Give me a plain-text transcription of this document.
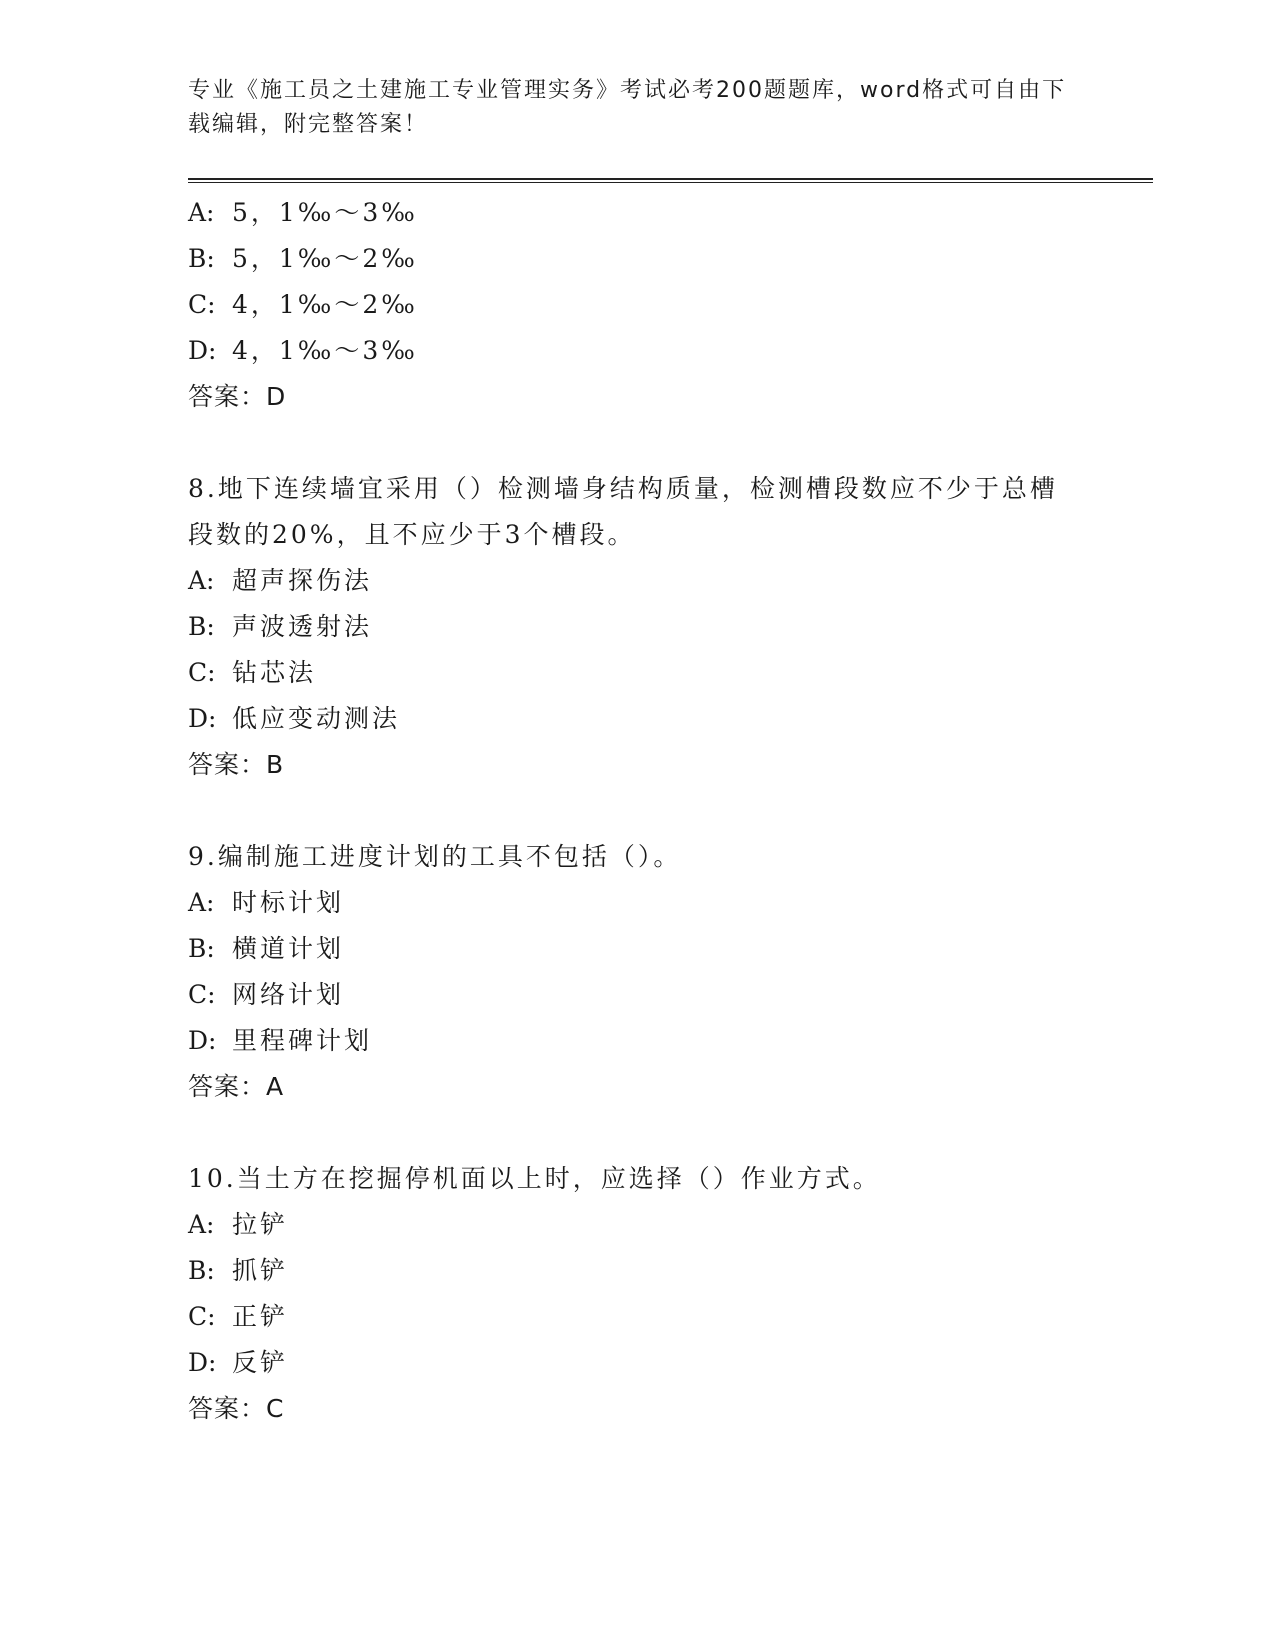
专业《施工员之土建施工专业管理实务》考试必考200题题库，word格式可自由下载编辑，附完整答案！
A: 5，1‰～3‰
B: 5，1‰～2‰
C: 4，1‰～2‰
D: 4，1‰～3‰
答案：D
8.地下连续墙宜采用（）检测墙身结构质量，检测槽段数应不少于总槽段数的20%，且不应少于3个槽段。
A: 超声探伤法
B: 声波透射法
C: 钻芯法
D: 低应变动测法
答案：B
9.编制施工进度计划的工具不包括（）。
A: 时标计划
B: 横道计划
C: 网络计划
D: 里程碑计划
答案：A
10.当土方在挖掘停机面以上时，应选择（）作业方式。
A: 拉铲
B: 抓铲
C: 正铲
D: 反铲
答案：C
